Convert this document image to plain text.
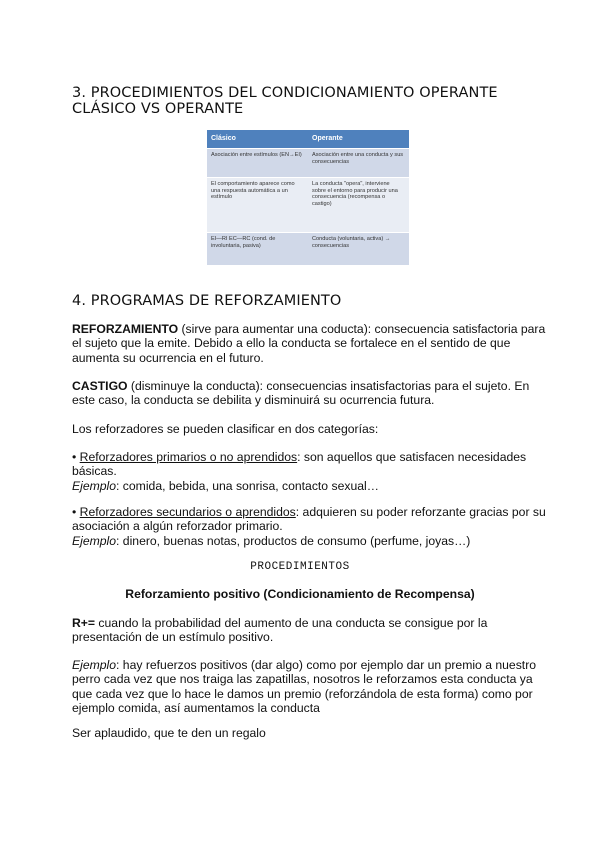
3. PROCEDIMIENTOS DEL CONDICIONAMIENTO OPERANTE
CLÁSICO VS OPERANTE
Clásico	Operante
Asociación entre estímulos (EN→EI)	Asociación entre una conducta y sus consecuencias
El comportamiento aparece como una respuesta automática a un estímulo	La conducta "opera", interviene sobre el entorno para producir una consecuencia (recompensa o castigo)
EI—RI EC—RC (cond. de involuntaria, pasiva)	Conducta (voluntaria, activa) → consecuencias
4. PROGRAMAS DE REFORZAMIENTO

REFORZAMIENTO (sirve para aumentar una coducta): consecuencia satisfactoria para el sujeto que la emite. Debido a ello la conducta se fortalece en el sentido de que aumenta su ocurrencia en el futuro.

CASTIGO (disminuye la conducta): consecuencias insatisfactorias para el sujeto. En este caso, la conducta se debilita y disminuirá su ocurrencia futura.

Los reforzadores se pueden clasificar en dos categorías:

• Reforzadores primarios o no aprendidos: son aquellos que satisfacen necesidades básicas.
Ejemplo: comida, bebida, una sonrisa, contacto sexual…

• Reforzadores secundarios o aprendidos: adquieren su poder reforzante gracias por su asociación a algún reforzador primario.
Ejemplo: dinero, buenas notas, productos de consumo (perfume, joyas…)

PROCEDIMIENTOS

Reforzamiento positivo (Condicionamiento de Recompensa)

R+= cuando la probabilidad del aumento de una conducta se consigue por la presentación de un estímulo positivo.

Ejemplo: hay refuerzos positivos (dar algo) como por ejemplo dar un premio a nuestro perro cada vez que nos traiga las zapatillas, nosotros le reforzamos esta conducta ya que cada vez que lo hace le damos un premio (reforzándola de esta forma) como por ejemplo comida, así aumentamos la conducta

Ser aplaudido, que te den un regalo
